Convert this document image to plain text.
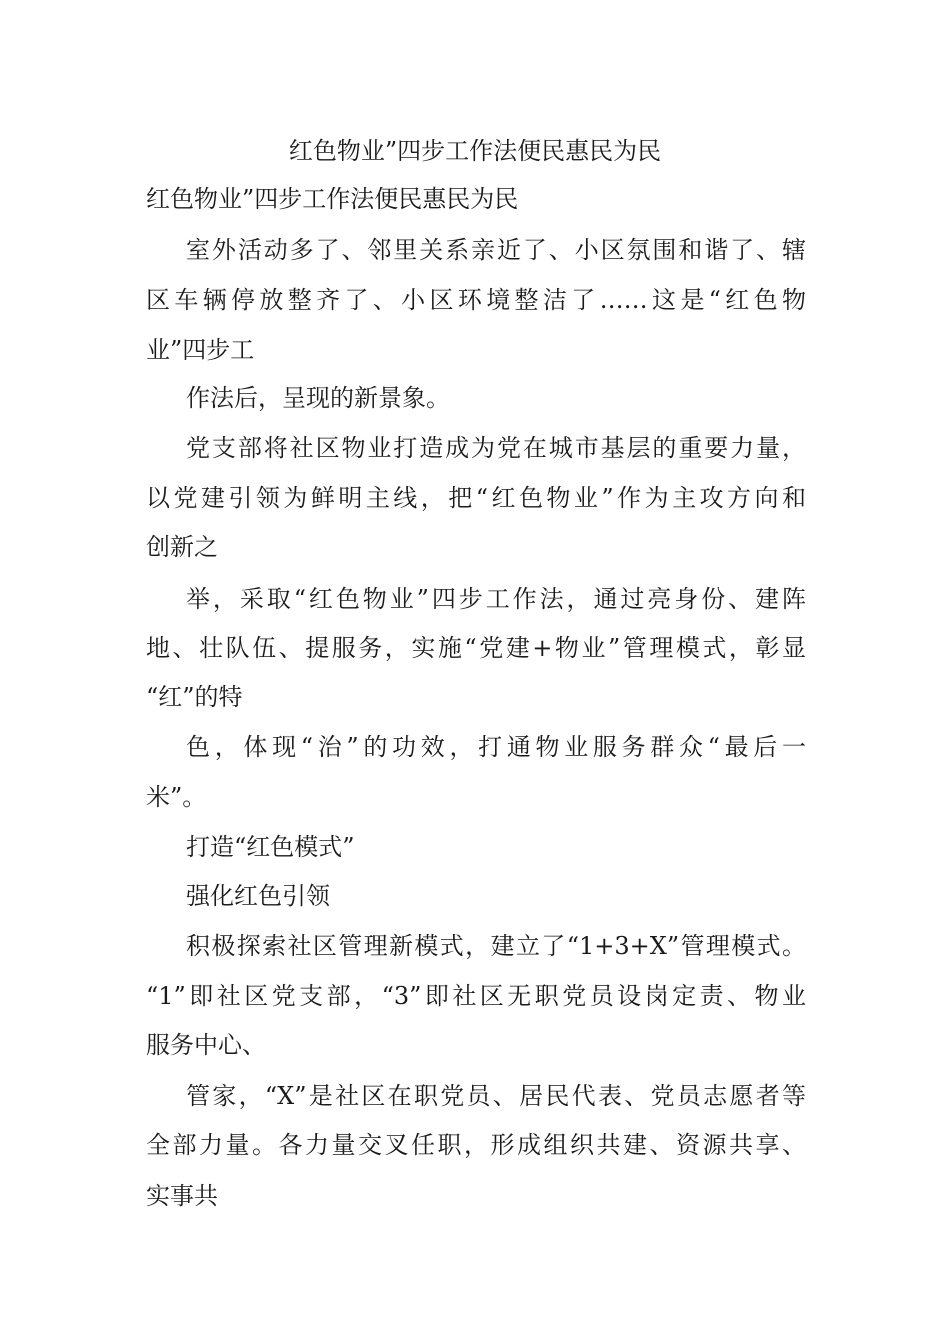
红色物业”四步工作法便民惠民为民
红色物业”四步工作法便民惠民为民
室外活动多了、邻里关系亲近了、小区氛围和谐了、辖
区车辆停放整齐了、小区环境整洁了……这是“红色物
业”四步工
作法后，呈现的新景象。
党支部将社区物业打造成为党在城市基层的重要力量，
以党建引领为鲜明主线，把“红色物业”作为主攻方向和
创新之
举，采取“红色物业”四步工作法，通过亮身份、建阵
地、壮队伍、提服务，实施“党建+物业”管理模式，彰显
“红”的特
色，体现“治”的功效，打通物业服务群众“最后一
米”。
打造“红色模式”
强化红色引领
积极探索社区管理新模式，建立了“1+3+X”管理模式。
“1”即社区党支部，“3”即社区无职党员设岗定责、物业
服务中心、
管家，“X”是社区在职党员、居民代表、党员志愿者等
全部力量。各力量交叉任职，形成组织共建、资源共享、
实事共
